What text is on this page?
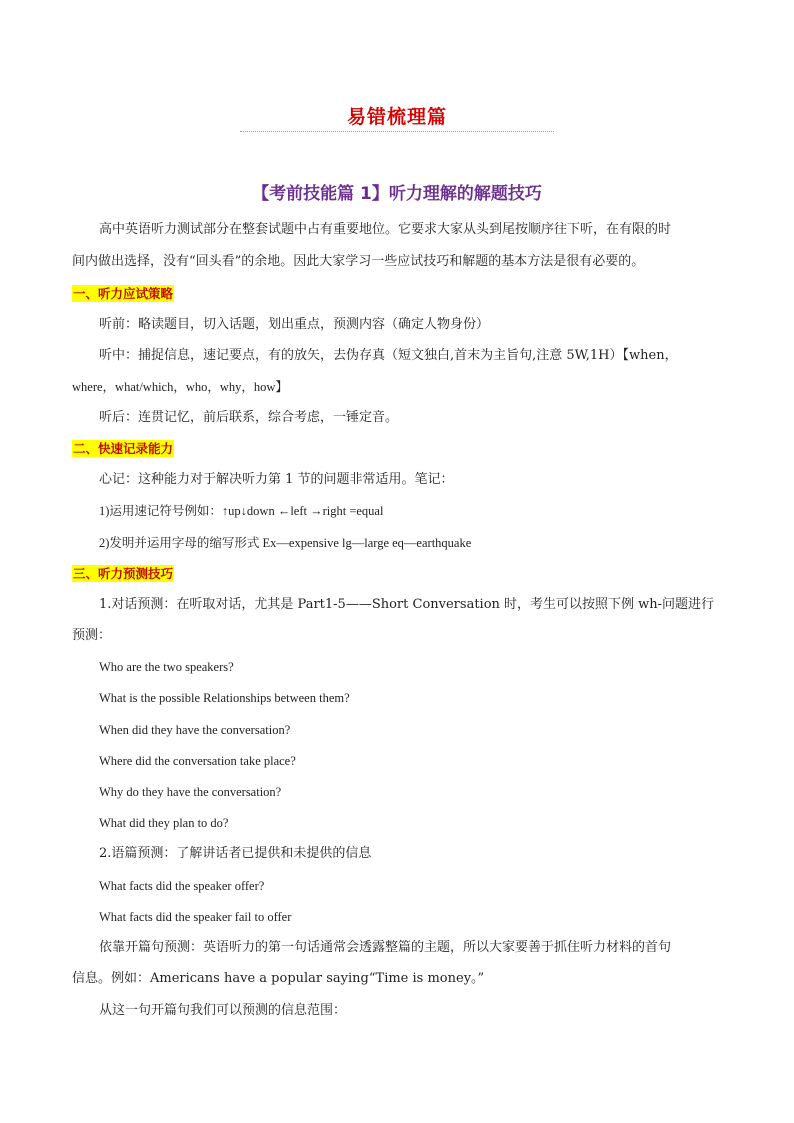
易错梳理篇
【考前技能篇 1】听力理解的解题技巧
高中英语听力测试部分在整套试题中占有重要地位。它要求大家从头到尾按顺序往下听，在有限的时
间内做出选择，没有“回头看”的余地。因此大家学习一些应试技巧和解题的基本方法是很有必要的。
一、听力应试策略
听前：略读题目，切入话题，划出重点，预测内容（确定人物身份）
听中：捕捉信息，速记要点，有的放矢，去伪存真（短文独白,首末为主旨句,注意 5W,1H）【when，
where，what/which，who，why，how】
听后：连贯记忆，前后联系，综合考虑，一锤定音。
二、快速记录能力
心记：这种能力对于解决听力第 1 节的问题非常适用。笔记：
1)运用速记符号例如：↑up↓down ←left →right =equal
2)发明并运用字母的缩写形式 Ex—expensive lg—large eq—earthquake
三、听力预测技巧
1.对话预测：在听取对话，尤其是 Part1-5——Short Conversation 时，考生可以按照下例 wh-问题进行
预测：
Who are the two speakers?
What is the possible Relationships between them?
When did they have the conversation?
Where did the conversation take place?
Why do they have the conversation?
What did they plan to do?
2.语篇预测：了解讲话者已提供和未提供的信息
What facts did the speaker offer?
What facts did the speaker fail to offer
依靠开篇句预测：英语听力的第一句话通常会透露整篇的主题，所以大家要善于抓住听力材料的首句
信息。例如：Americans have a popular saying“Time is money。”
从这一句开篇句我们可以预测的信息范围：
